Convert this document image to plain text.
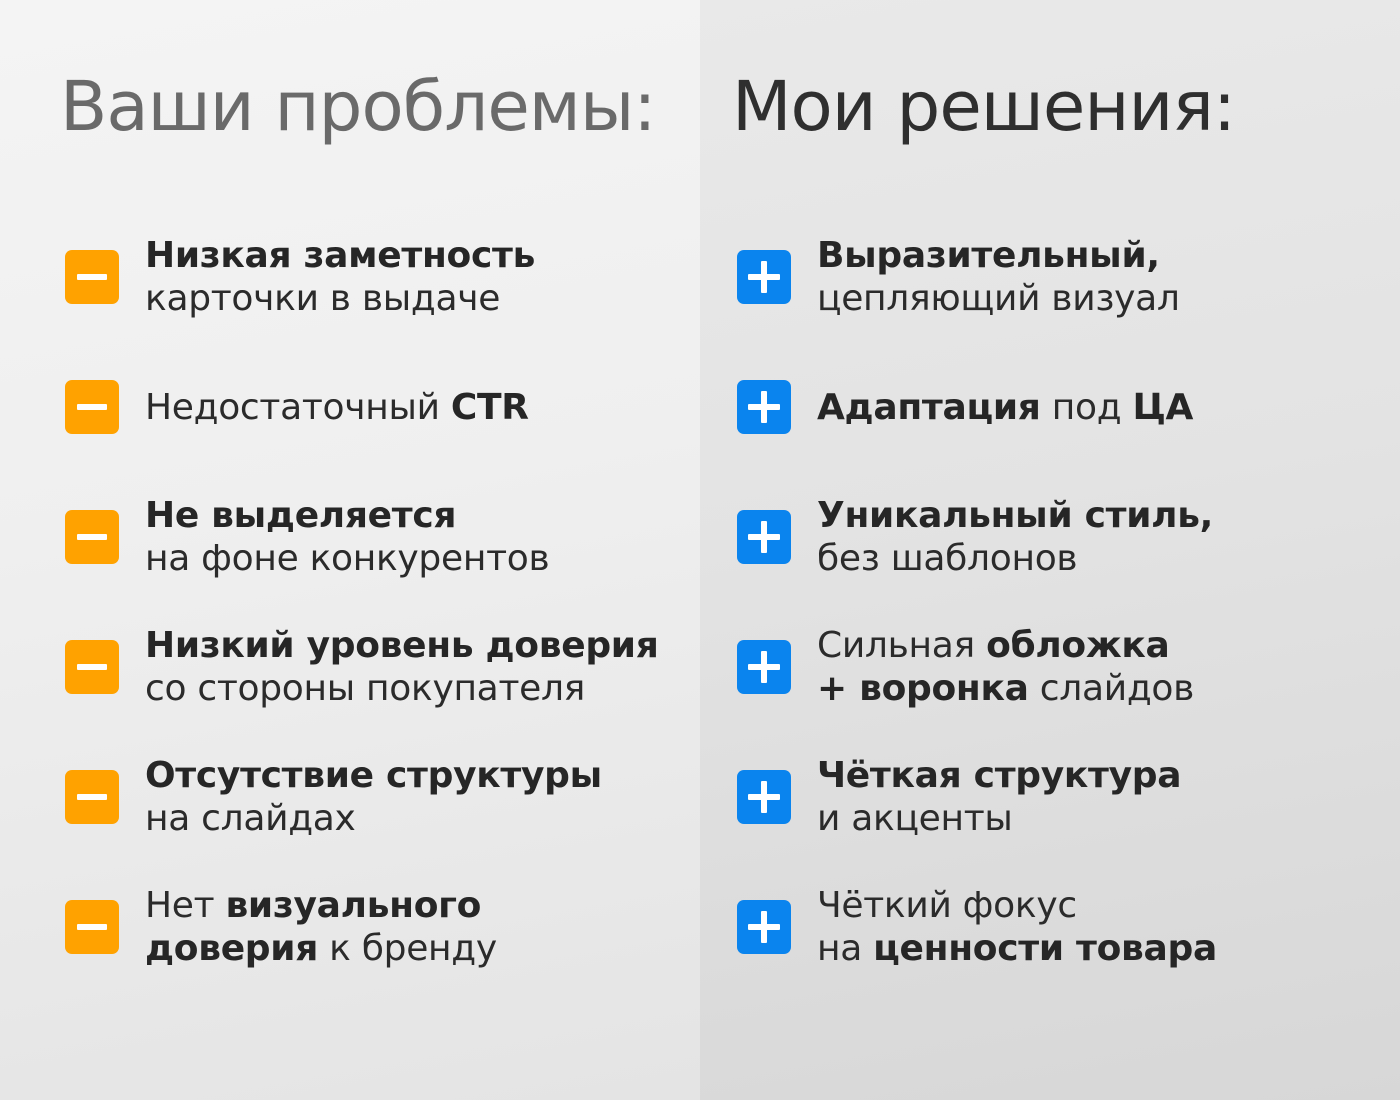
Ваши проблемы:
Низкая заметность
карточки в выдаче
Недостаточный CTR
Не выделяется
на фоне конкурентов
Низкий уровень доверия
со стороны покупателя
Отсутствие структуры
на слайдах
Нет визуального
доверия к бренду
Мои решения:
Выразительный,
цепляющий визуал
Адаптация под ЦА
Уникальный стиль,
без шаблонов
Сильная обложка
+ воронка слайдов
Чёткая структура
и акценты
Чёткий фокус
на ценности товара
